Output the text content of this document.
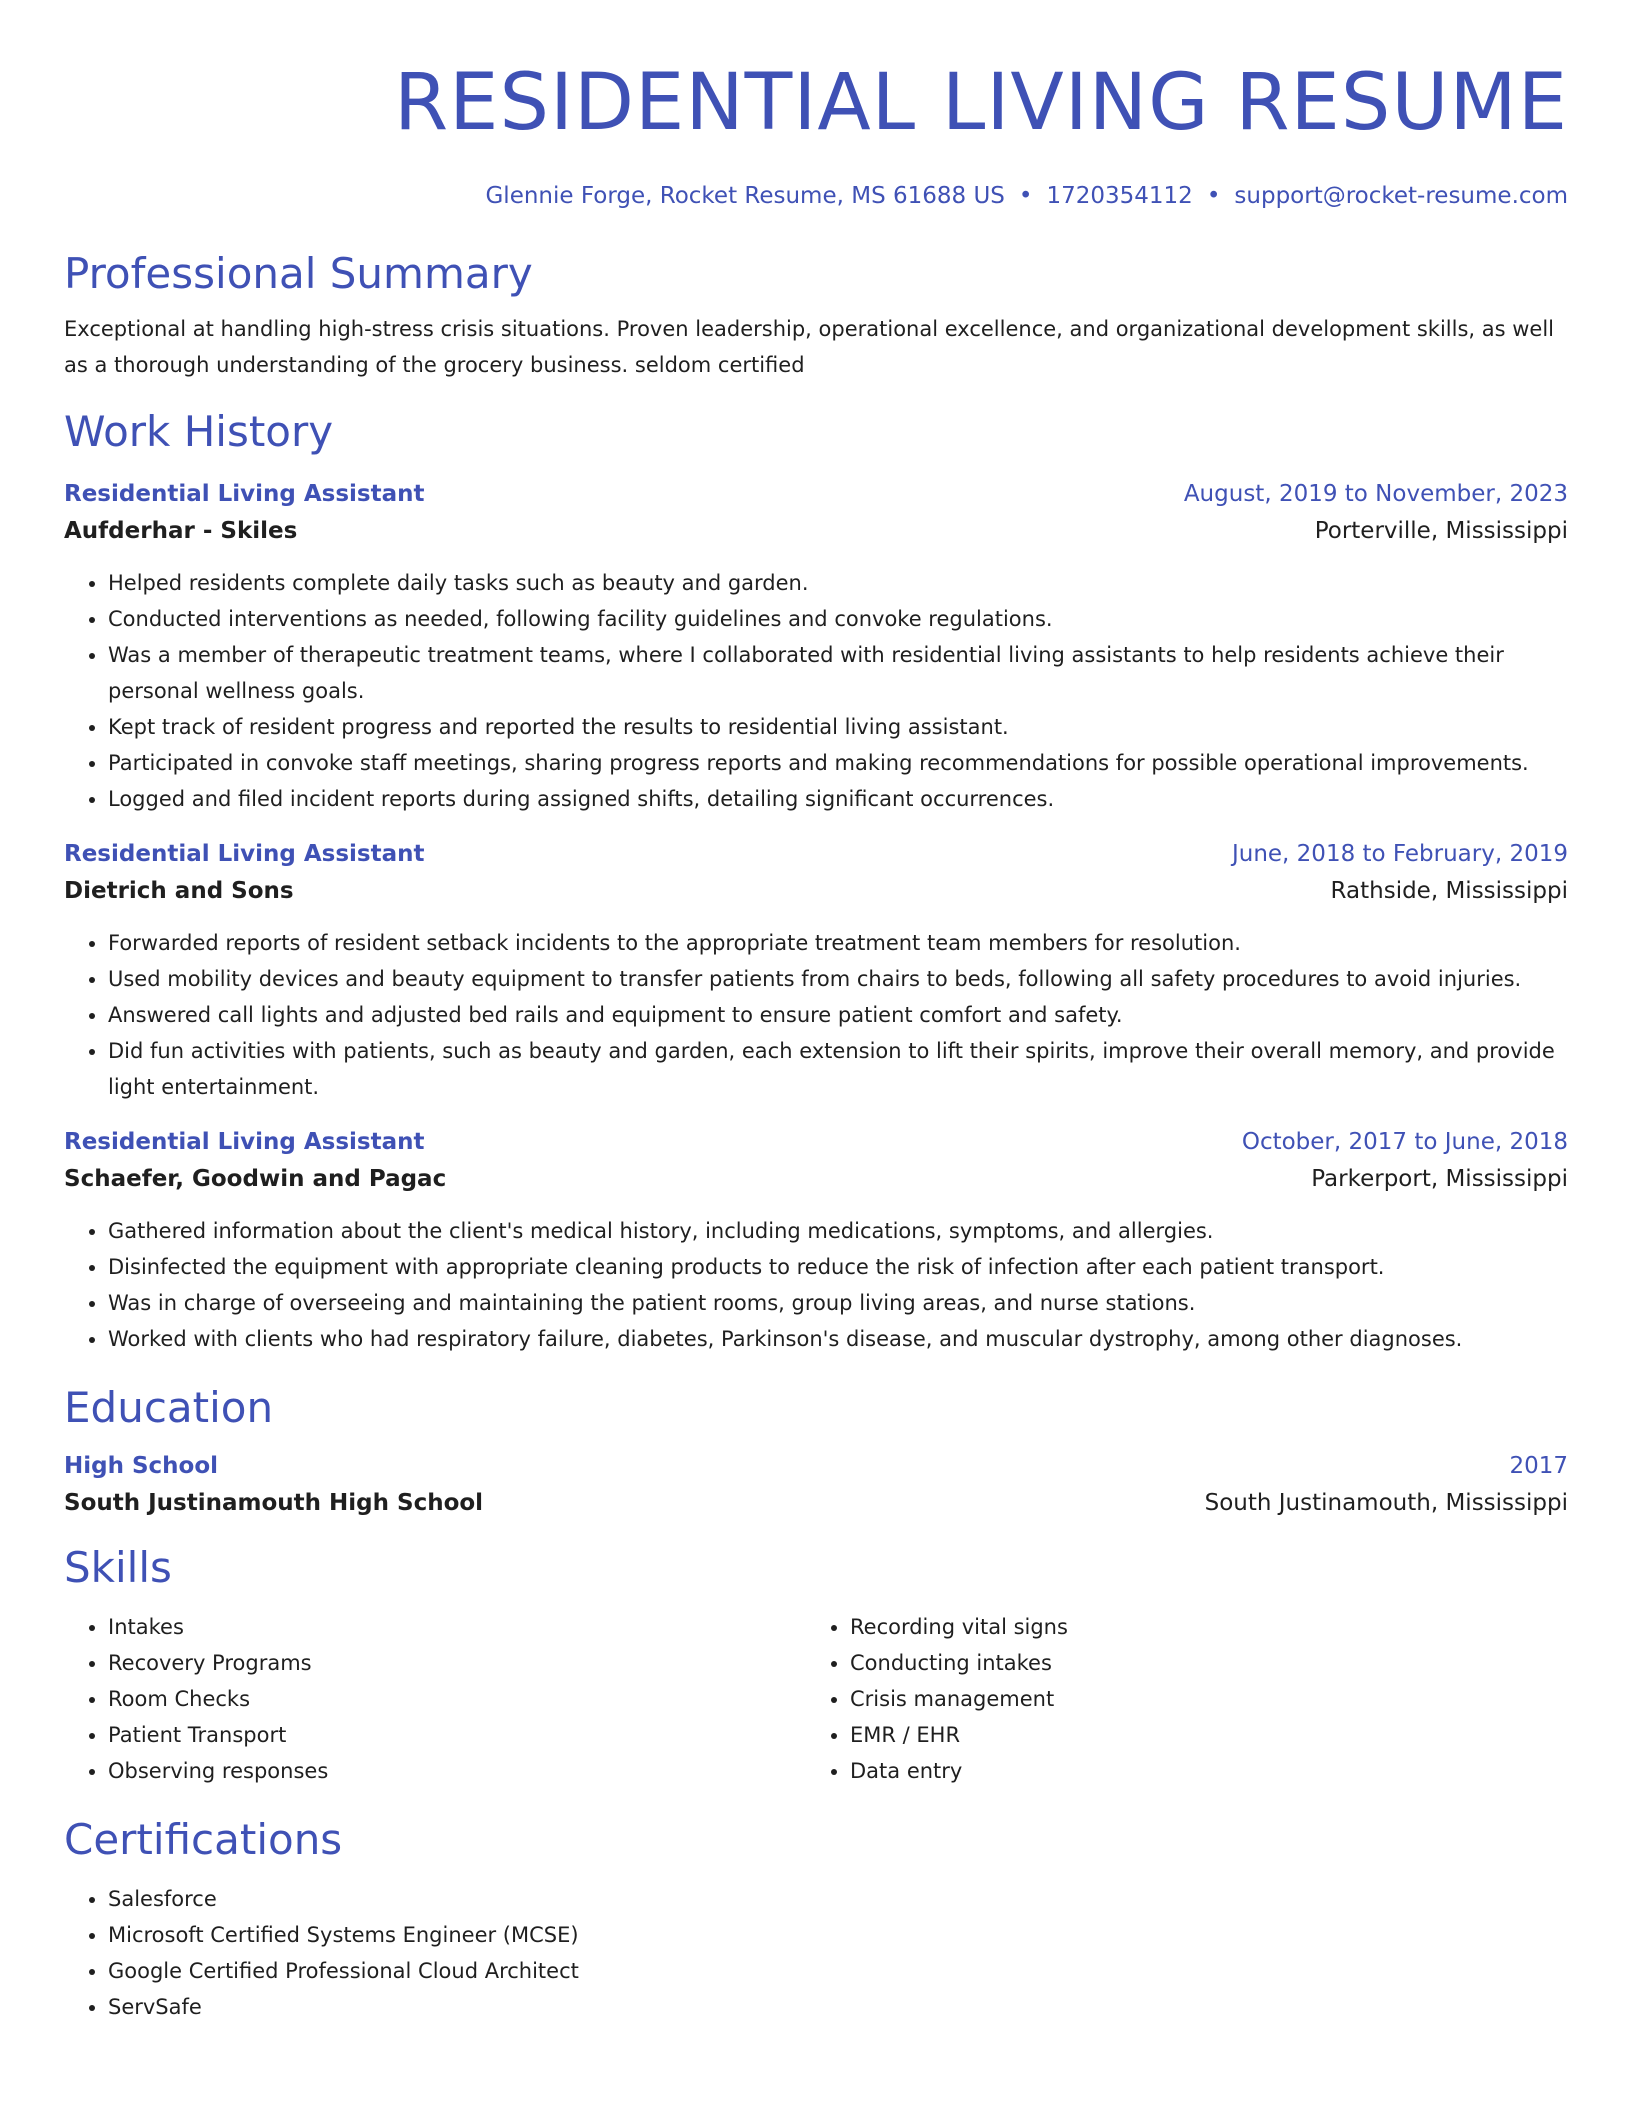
RESIDENTIAL LIVING RESUME
Glennie Forge, Rocket Resume, MS 61688 US • 1720354112 • support@rocket-resume.com
Professional Summary
Exceptional at handling high-stress crisis situations. Proven leadership, operational excellence, and organizational development skills, as well as a thorough understanding of the grocery business. seldom certified
Work History
Residential Living Assistant	August, 2019 to November, 2023
Aufderhar - Skiles	Porterville, Mississippi
• Helped residents complete daily tasks such as beauty and garden.
• Conducted interventions as needed, following facility guidelines and convoke regulations.
• Was a member of therapeutic treatment teams, where I collaborated with residential living assistants to help residents achieve their personal wellness goals.
• Kept track of resident progress and reported the results to residential living assistant.
• Participated in convoke staff meetings, sharing progress reports and making recommendations for possible operational improvements.
• Logged and filed incident reports during assigned shifts, detailing significant occurrences.
Residential Living Assistant	June, 2018 to February, 2019
Dietrich and Sons	Rathside, Mississippi
• Forwarded reports of resident setback incidents to the appropriate treatment team members for resolution.
• Used mobility devices and beauty equipment to transfer patients from chairs to beds, following all safety procedures to avoid injuries.
• Answered call lights and adjusted bed rails and equipment to ensure patient comfort and safety.
• Did fun activities with patients, such as beauty and garden, each extension to lift their spirits, improve their overall memory, and provide light entertainment.
Residential Living Assistant	October, 2017 to June, 2018
Schaefer, Goodwin and Pagac	Parkerport, Mississippi
• Gathered information about the client's medical history, including medications, symptoms, and allergies.
• Disinfected the equipment with appropriate cleaning products to reduce the risk of infection after each patient transport.
• Was in charge of overseeing and maintaining the patient rooms, group living areas, and nurse stations.
• Worked with clients who had respiratory failure, diabetes, Parkinson's disease, and muscular dystrophy, among other diagnoses.
Education
High School	2017
South Justinamouth High School	South Justinamouth, Mississippi
Skills
• Intakes
• Recovery Programs
• Room Checks
• Patient Transport
• Observing responses
• Recording vital signs
• Conducting intakes
• Crisis management
• EMR / EHR
• Data entry
Certifications
• Salesforce
• Microsoft Certified Systems Engineer (MCSE)
• Google Certified Professional Cloud Architect
• ServSafe
